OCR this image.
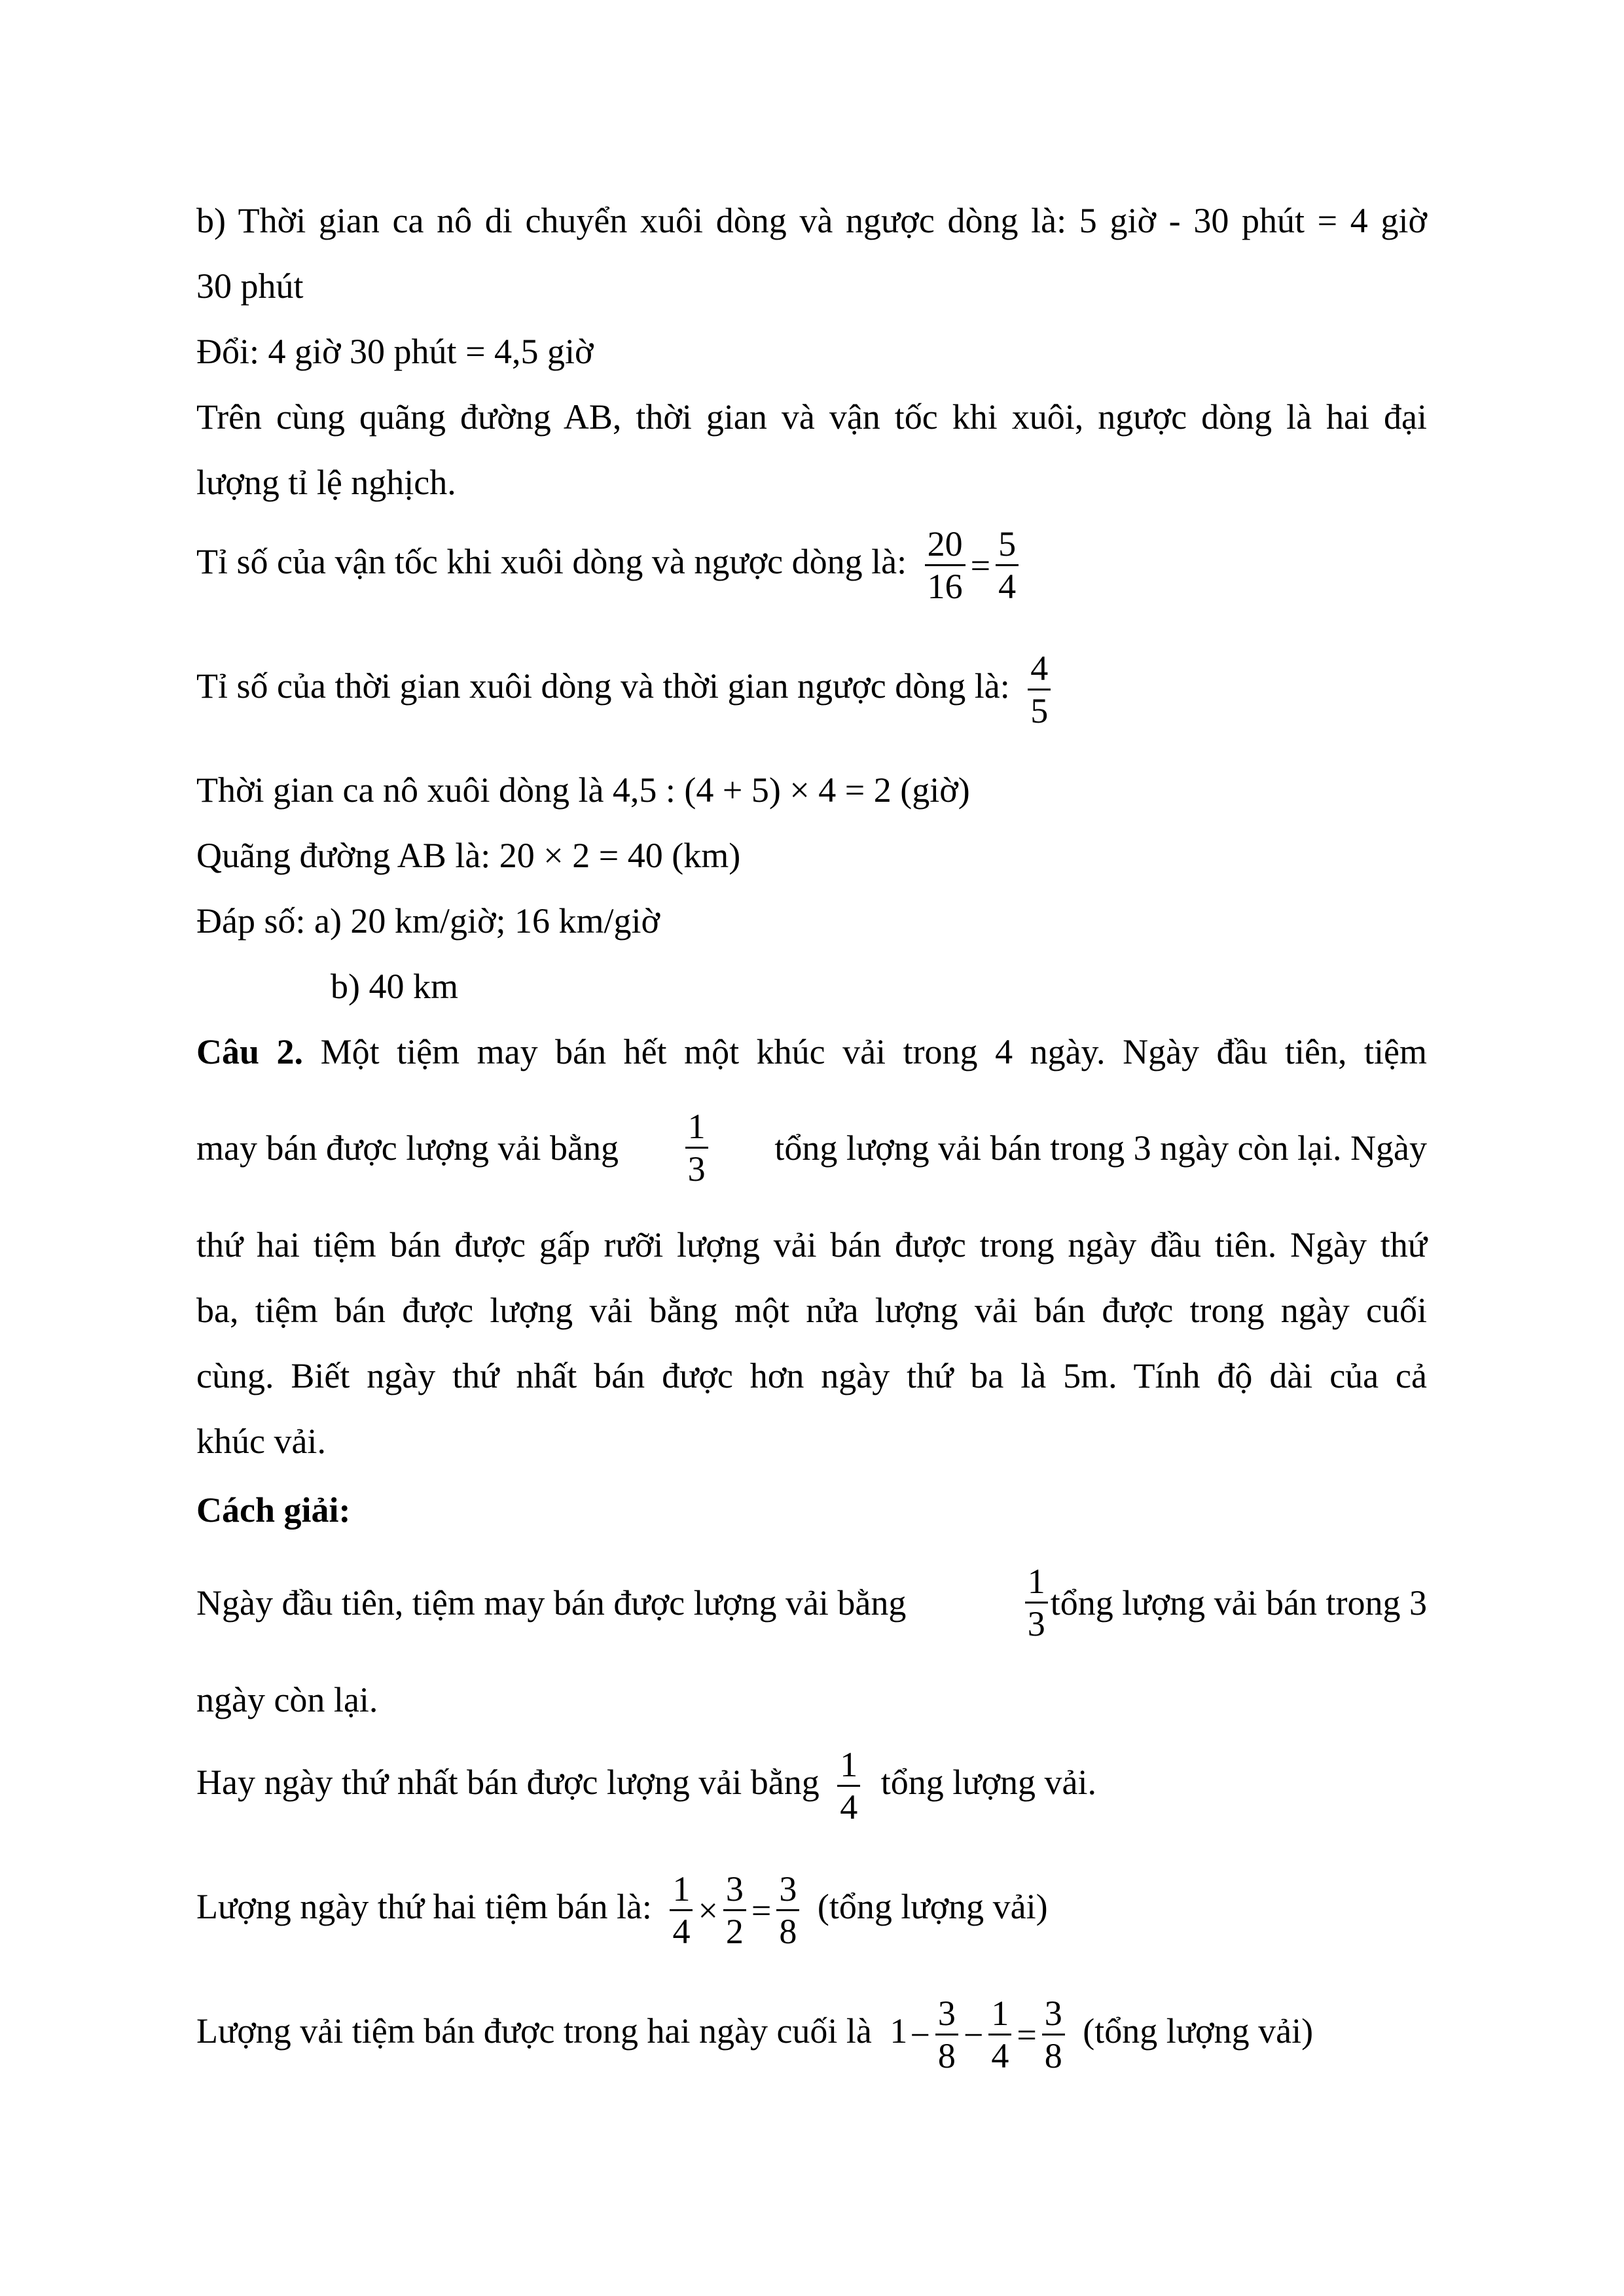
b) Thời gian ca nô di chuyển xuôi dòng và ngược dòng là: 5 giờ - 30 phút = 4 giờ
30 phút
Đổi: 4 giờ 30 phút = 4,5 giờ
Trên cùng quãng đường AB, thời gian và vận tốc khi xuôi, ngược dòng là hai đại
lượng tỉ lệ nghịch.
Tỉ số của vận tốc khi xuôi dòng và ngược dòng là: $\frac{20}{16} = \frac{5}{4}$
Tỉ số của thời gian xuôi dòng và thời gian ngược dòng là: $\frac{4}{5}$
Thời gian ca nô xuôi dòng là 4,5 : (4 + 5) × 4 = 2 (giờ)
Quãng đường AB là: 20 × 2 = 40 (km)
Đáp số: a) 20 km/giờ; 16 km/giờ
b) 40 km
Câu 2. Một tiệm may bán hết một khúc vải trong 4 ngày. Ngày đầu tiên, tiệm
may bán được lượng vải bằng $\frac{1}{3}$ tổng lượng vải bán trong 3 ngày còn lại. Ngày
thứ hai tiệm bán được gấp rưỡi lượng vải bán được trong ngày đầu tiên. Ngày thứ
ba, tiệm bán được lượng vải bằng một nửa lượng vải bán được trong ngày cuối
cùng. Biết ngày thứ nhất bán được hơn ngày thứ ba là 5m. Tính độ dài của cả
khúc vải.
Cách giải:
Ngày đầu tiên, tiệm may bán được lượng vải bằng	$\frac{1}{3}$ tổng lượng vải bán trong 3
ngày còn lại.
Hay ngày thứ nhất bán được lượng vải bằng $\frac{1}{4}$ tổng lượng vải.
Lượng ngày thứ hai tiệm bán là: $\frac{1}{4} \times \frac{3}{2} = \frac{3}{8}$ (tổng lượng vải)
Lượng vải tiệm bán được trong hai ngày cuối là $1- \frac{3}{8} - \frac{1}{4} = \frac{3}{8}$ (tổng lượng vải)
